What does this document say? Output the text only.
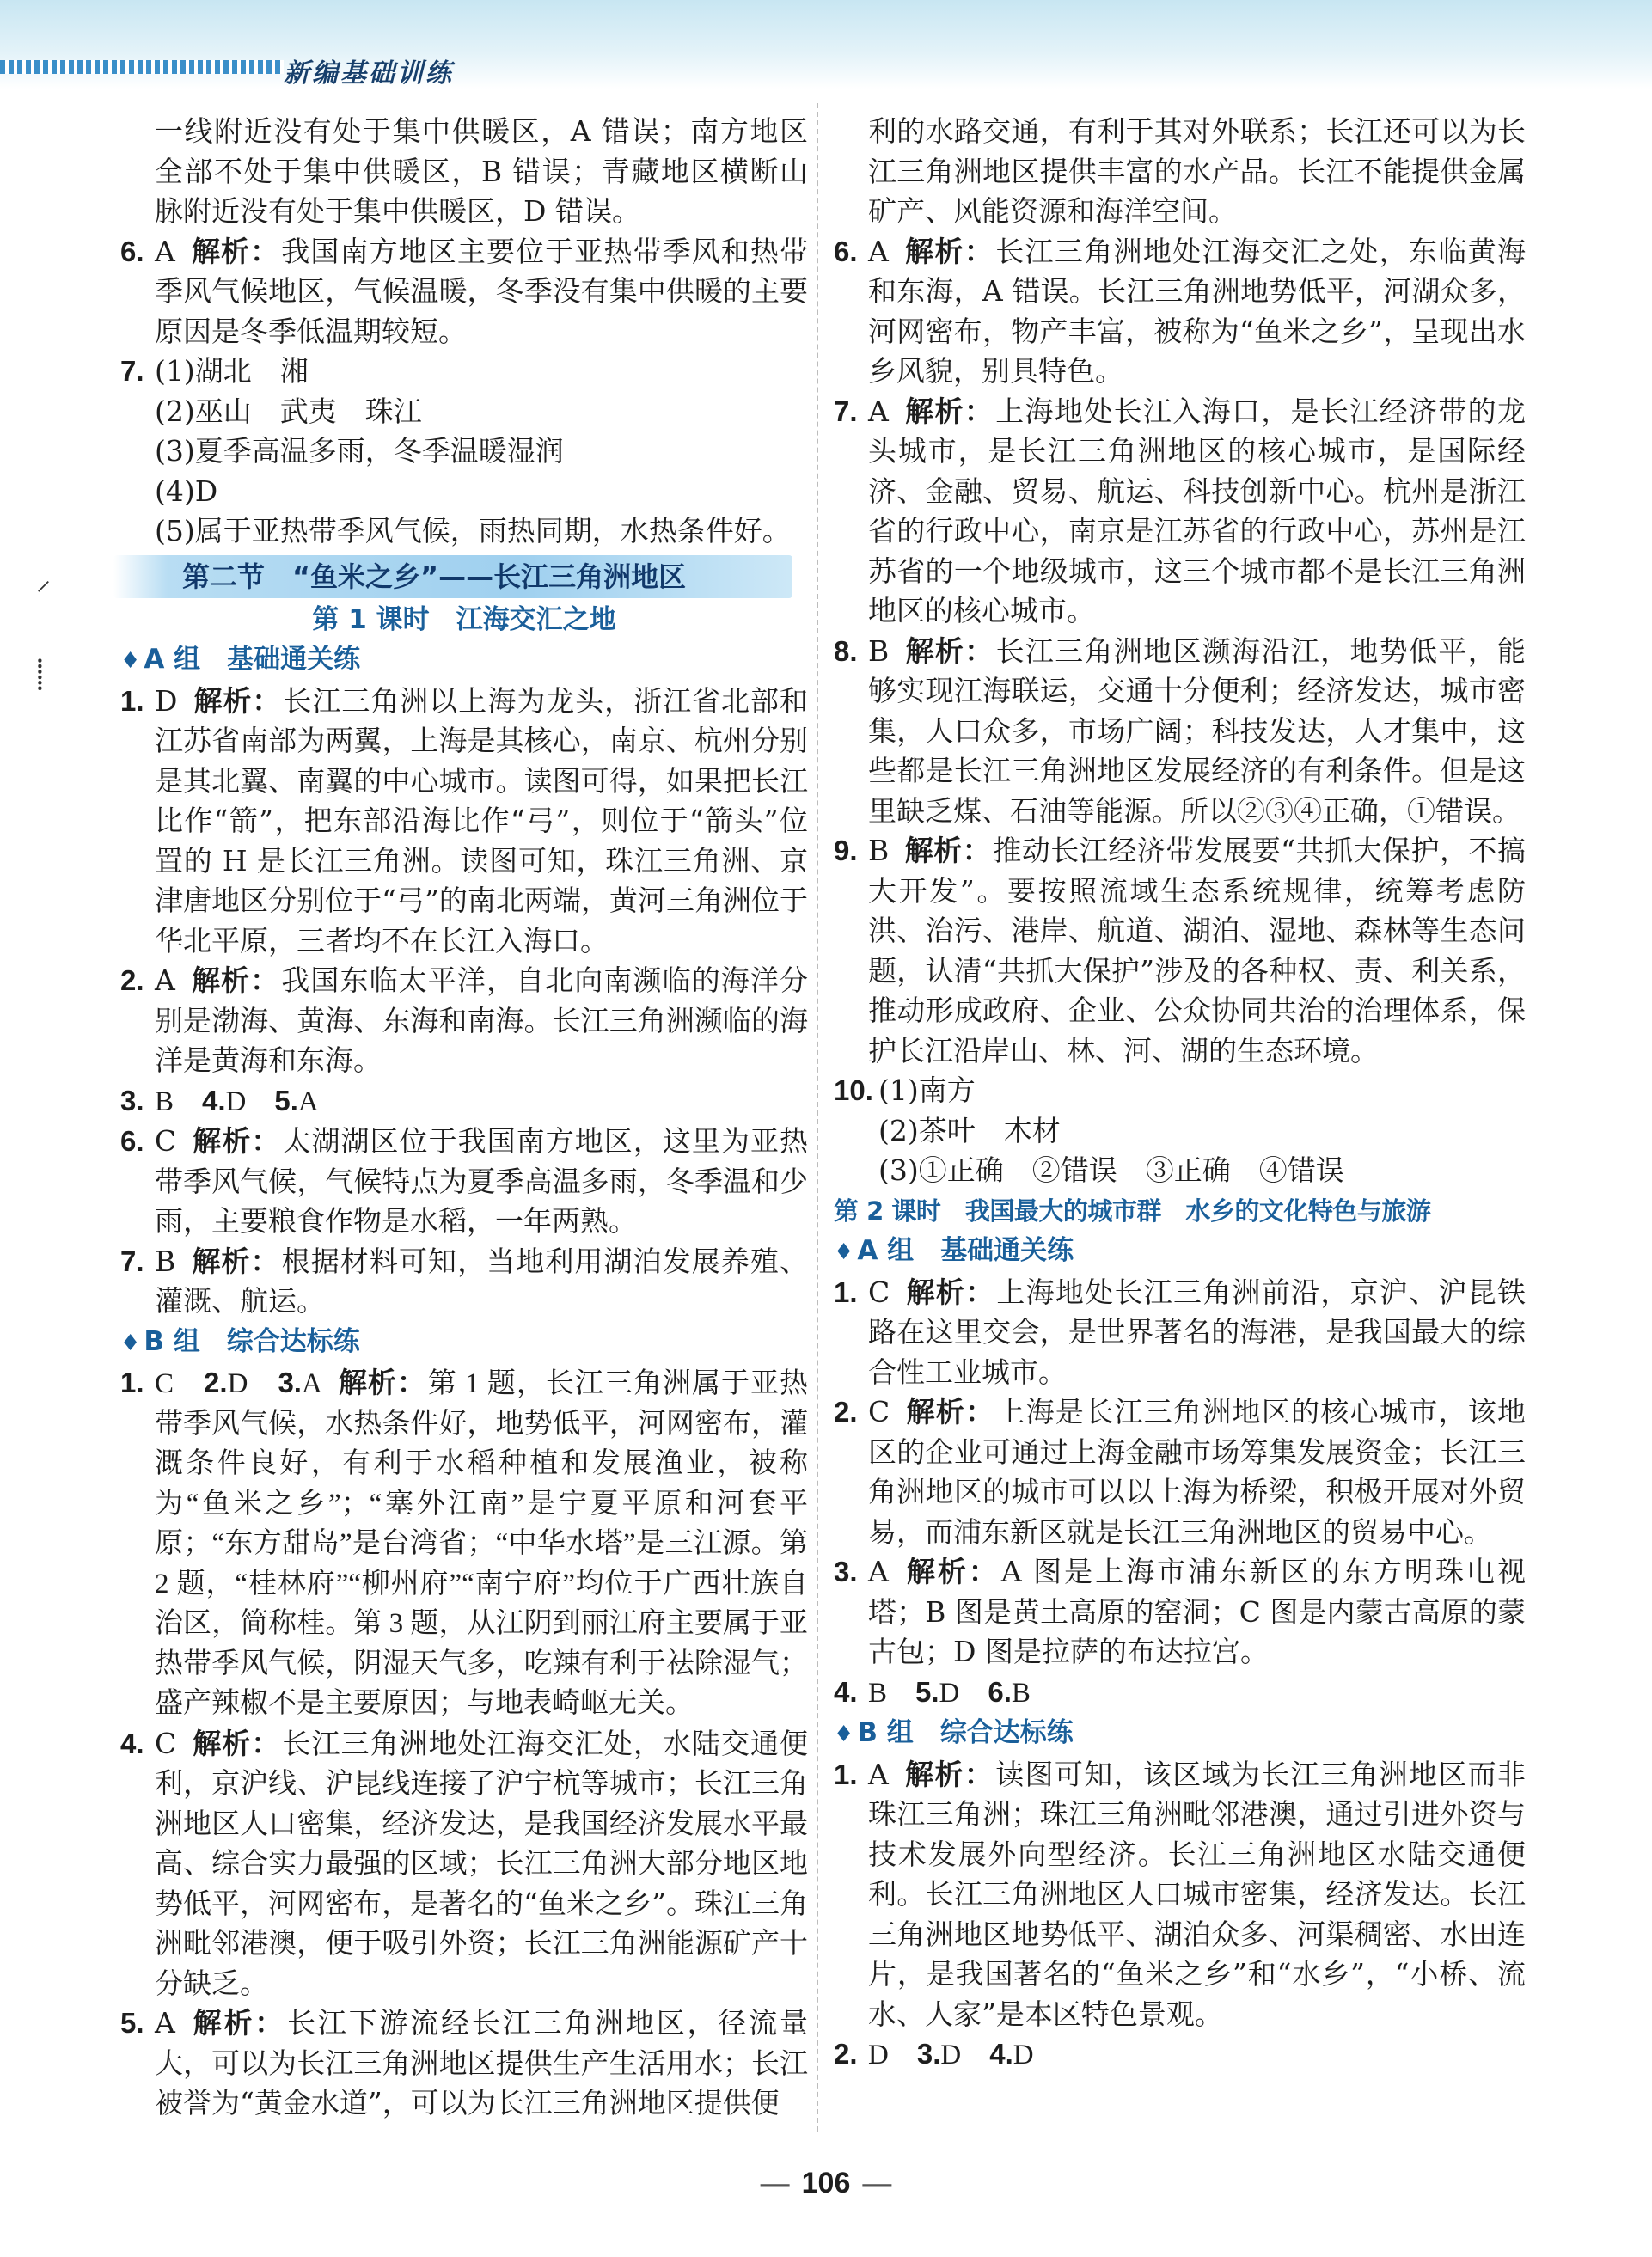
新编基础训练
⸝
⸽
一线附近没有处于集中供暖区，A 错误；南方地区全部不处于集中供暖区，B 错误；青藏地区横断山脉附近没有处于集中供暖区，D 错误。
6. A 解析：我国南方地区主要位于亚热带季风和热带季风气候地区，气候温暖，冬季没有集中供暖的主要原因是冬季低温期较短。
7. (1)湖北　湘
(2)巫山　武夷　珠江
(3)夏季高温多雨，冬季温暖湿润
(4)D
(5)属于亚热带季风气候，雨热同期，水热条件好。
第二节　“鱼米之乡”——长江三角洲地区
第 1 课时　江海交汇之地
♦ A 组　基础通关练
1. D 解析：长江三角洲以上海为龙头，浙江省北部和江苏省南部为两翼，上海是其核心，南京、杭州分别是其北翼、南翼的中心城市。读图可得，如果把长江比作“箭”，把东部沿海比作“弓”，则位于“箭头”位置的 H 是长江三角洲。读图可知，珠江三角洲、京津唐地区分别位于“弓”的南北两端，黄河三角洲位于华北平原，三者均不在长江入海口。
2. A 解析：我国东临太平洋，自北向南濒临的海洋分别是渤海、黄海、东海和南海。长江三角洲濒临的海洋是黄海和东海。
3. B　 4.D　 5.A
6. C 解析：太湖湖区位于我国南方地区，这里为亚热带季风气候，气候特点为夏季高温多雨，冬季温和少雨，主要粮食作物是水稻，一年两熟。
7. B 解析：根据材料可知，当地利用湖泊发展养殖、灌溉、航运。
♦ B 组　综合达标练
1. C　 2.D　 3.A 解析：第 1 题，长江三角洲属于亚热带季风气候，水热条件好，地势低平，河网密布，灌溉条件良好，有利于水稻种植和发展渔业，被称为“鱼米之乡”；“塞外江南”是宁夏平原和河套平原；“东方甜岛”是台湾省；“中华水塔”是三江源。第 2 题，“桂林府”“柳州府”“南宁府”均位于广西壮族自治区，简称桂。第 3 题，从江阴到丽江府主要属于亚热带季风气候，阴湿天气多，吃辣有利于祛除湿气；盛产辣椒不是主要原因；与地表崎岖无关。
4. C 解析：长江三角洲地处江海交汇处，水陆交通便利，京沪线、沪昆线连接了沪宁杭等城市；长江三角洲地区人口密集，经济发达，是我国经济发展水平最高、综合实力最强的区域；长江三角洲大部分地区地势低平，河网密布，是著名的“鱼米之乡”。珠江三角洲毗邻港澳，便于吸引外资；长江三角洲能源矿产十分缺乏。
5. A 解析：长江下游流经长江三角洲地区，径流量大，可以为长江三角洲地区提供生产生活用水；长江被誉为“黄金水道”，可以为长江三角洲地区提供便
利的水路交通，有利于其对外联系；长江还可以为长江三角洲地区提供丰富的水产品。长江不能提供金属矿产、风能资源和海洋空间。
6. A 解析：长江三角洲地处江海交汇之处，东临黄海和东海，A 错误。长江三角洲地势低平，河湖众多，河网密布，物产丰富，被称为“鱼米之乡”，呈现出水乡风貌，别具特色。
7. A 解析：上海地处长江入海口，是长江经济带的龙头城市，是长江三角洲地区的核心城市，是国际经济、金融、贸易、航运、科技创新中心。杭州是浙江省的行政中心，南京是江苏省的行政中心，苏州是江苏省的一个地级城市，这三个城市都不是长江三角洲地区的核心城市。
8. B 解析：长江三角洲地区濒海沿江，地势低平，能够实现江海联运，交通十分便利；经济发达，城市密集，人口众多，市场广阔；科技发达，人才集中，这些都是长江三角洲地区发展经济的有利条件。但是这里缺乏煤、石油等能源。所以②③④正确，①错误。
9. B 解析：推动长江经济带发展要“共抓大保护，不搞大开发”。要按照流域生态系统规律，统筹考虑防洪、治污、港岸、航道、湖泊、湿地、森林等生态问题，认清“共抓大保护”涉及的各种权、责、利关系，推动形成政府、企业、公众协同共治的治理体系，保护长江沿岸山、林、河、湖的生态环境。
10. (1)南方
(2)茶叶　木材
(3)①正确　②错误　③正确　④错误
第 2 课时　我国最大的城市群　水乡的文化特色与旅游
♦ A 组　基础通关练
1. C 解析：上海地处长江三角洲前沿，京沪、沪昆铁路在这里交会，是世界著名的海港，是我国最大的综合性工业城市。
2. C 解析：上海是长江三角洲地区的核心城市，该地区的企业可通过上海金融市场筹集发展资金；长江三角洲地区的城市可以以上海为桥梁，积极开展对外贸易，而浦东新区就是长江三角洲地区的贸易中心。
3. A 解析：A 图是上海市浦东新区的东方明珠电视塔；B 图是黄土高原的窑洞；C 图是内蒙古高原的蒙古包；D 图是拉萨的布达拉宫。
4. B　 5.D　 6.B
♦ B 组　综合达标练
1. A 解析：读图可知，该区域为长江三角洲地区而非珠江三角洲；珠江三角洲毗邻港澳，通过引进外资与技术发展外向型经济。长江三角洲地区水陆交通便利。长江三角洲地区人口城市密集，经济发达。长江三角洲地区地势低平、湖泊众多、河渠稠密、水田连片，是我国著名的“鱼米之乡”和“水乡”，“小桥、流水、人家”是本区特色景观。
2. D　 3.D　 4.D
— 106 —
